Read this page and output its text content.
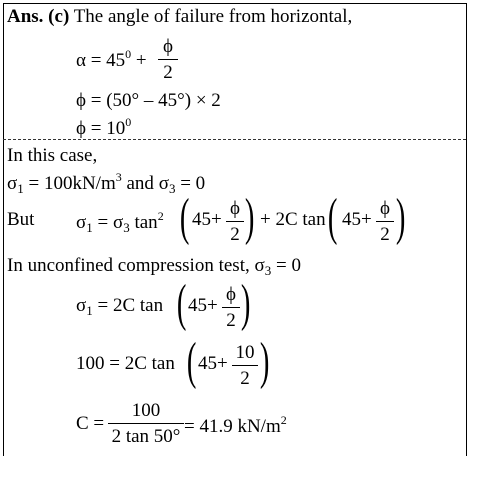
Ans. (c) The angle of failure from horizontal,
$\alpha = 45^0$ +
ϕ
2
ϕ = (50° – 45°) × 2
$\phi = 10^0$
In this case,
$\sigma_1 = 100kN/m^3$ and $\sigma_3 = 0$
But $\sigma_1 = \sigma_3$ $\tan^2$ ( 45+
ϕ
2 ) + 2C tan ( 45+
ϕ
2 )
In unconfined compression test, $\sigma_3 = 0$
$\sigma_1 = 2C$ tan ( 45+
ϕ
2 )
100 = 2C tan ( 45+
10
2 )
C =
100
2 tan 50° = 41.9 $kN/m^2$
